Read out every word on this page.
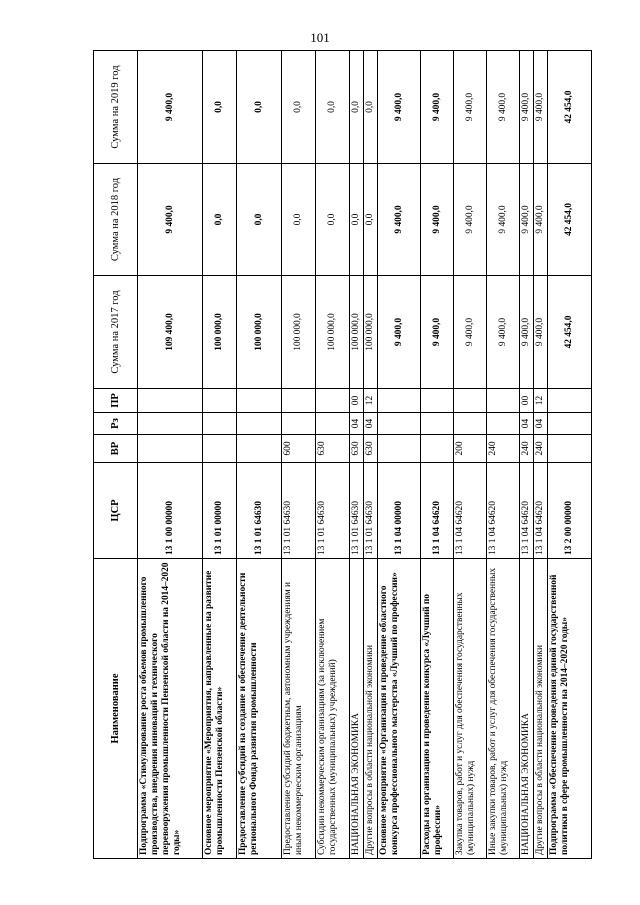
101
Наименование	ЦСР	ВР	Рз	ПР	Сумма на 2017 год	Сумма на 2018 год	Сумма на 2019 год
Подпрограмма «Стимулирование роста объемов промышленного производства, внедрения инноваций и технического перевооружения промышленности Пензенской области на 2014–2020 годы»	13 1 00 00000				109 400,0	9 400,0	9 400,0
Основное мероприятие «Мероприятия, направленные на развитие промышленности Пензенской области»	13 1 01 00000				100 000,0	0,0	0,0
Предоставление субсидий на создание и обеспечение деятельности регионального Фонда развития промышленности	13 1 01 64630				100 000,0	0,0	0,0
Предоставление субсидий бюджетным, автономным учреждениям и иным некоммерческим организациям	13 1 01 64630	600			100 000,0	0,0	0,0
Субсидии некоммерческим организациям (за исключением государственных (муниципальных) учреждений)	13 1 01 64630	630			100 000,0	0,0	0,0
НАЦИОНАЛЬНАЯ ЭКОНОМИКА	13 1 01 64630	630	04	00	100 000,0	0,0	0,0
Другие вопросы в области национальной экономики	13 1 01 64630	630	04	12	100 000,0	0,0	0,0
Основное мероприятие «Организация и проведение областного конкурса профессионального мастерства «Лучший по профессии»	13 1 04 00000				9 400,0	9 400,0	9 400,0
Расходы на организацию и проведение конкурса «Лучший по профессии»	13 1 04 64620				9 400,0	9 400,0	9 400,0
Закупка товаров, работ и услуг для обеспечения государственных (муниципальных) нужд	13 1 04 64620	200			9 400,0	9 400,0	9 400,0
Иные закупки товаров, работ и услуг для обеспечения государственных (муниципальных) нужд	13 1 04 64620	240			9 400,0	9 400,0	9 400,0
НАЦИОНАЛЬНАЯ ЭКОНОМИКА	13 1 04 64620	240	04	00	9 400,0	9 400,0	9 400,0
Другие вопросы в области национальной экономики	13 1 04 64620	240	04	12	9 400,0	9 400,0	9 400,0
Подпрограмма «Обеспечение проведения единой государственной политики в сфере промышленности на 2014–2020 годы»	13 2 00 00000				42 454,0	42 454,0	42 454,0
